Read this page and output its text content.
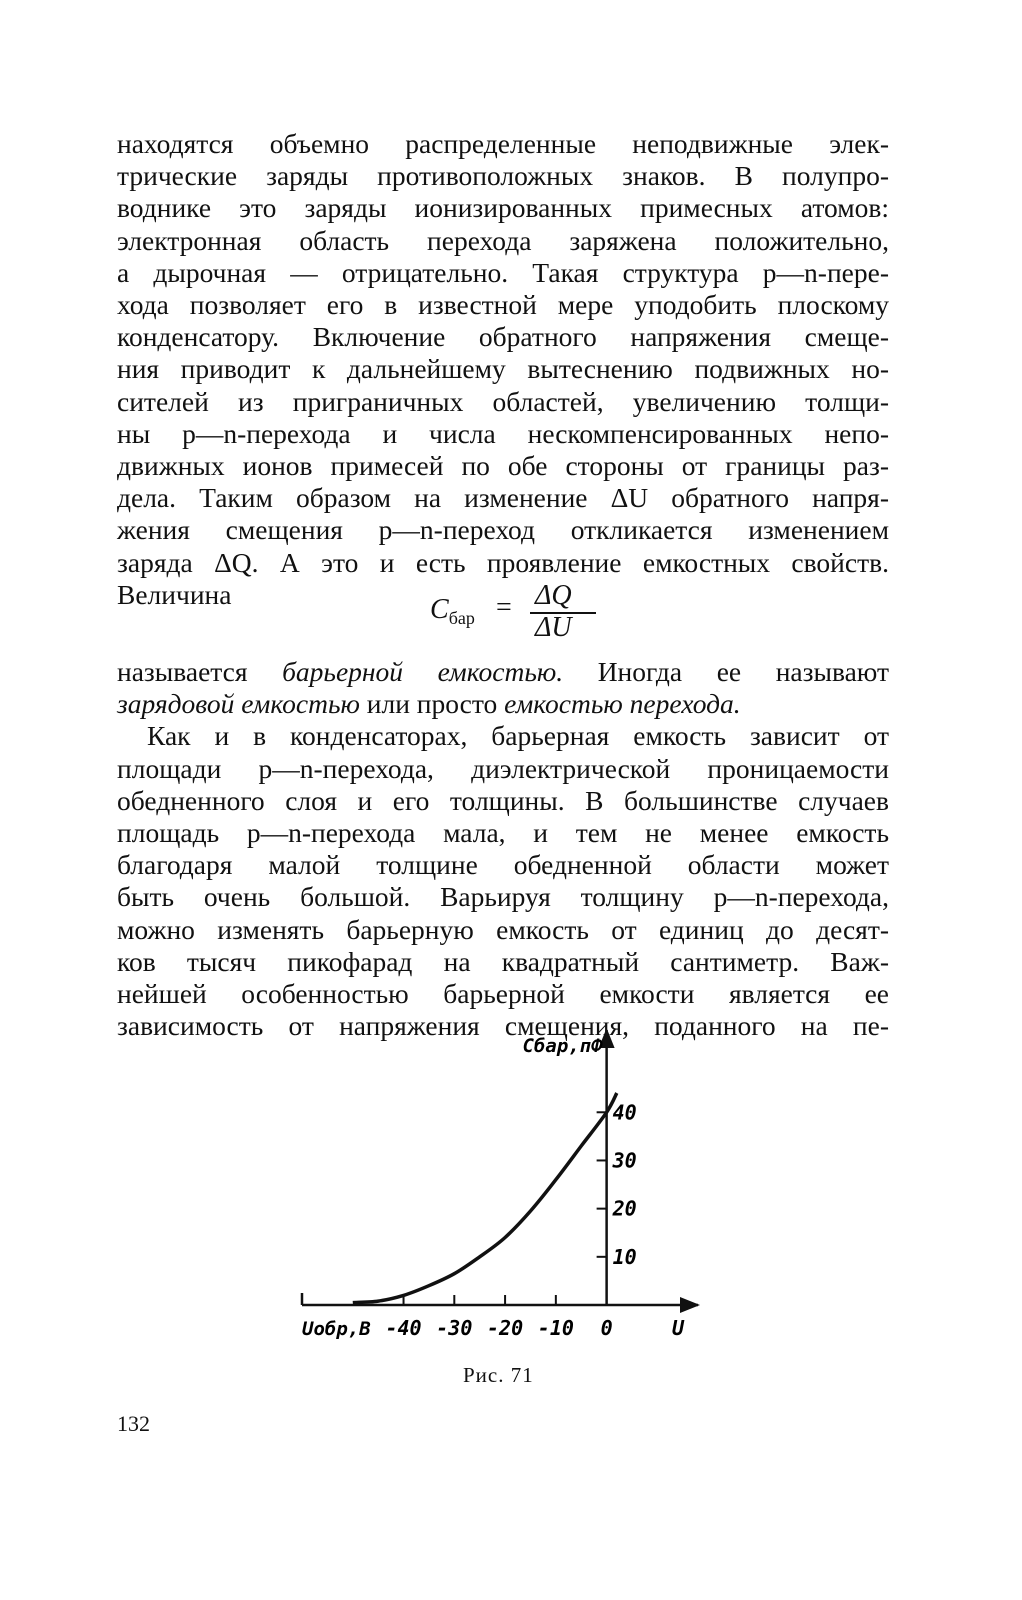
находятся объемно распределенные неподвижные элек-
трические заряды противоположных знаков. В полупро-
воднике это заряды ионизированных примесных атомов:
электронная область перехода заряжена положительно,
а дырочная — отрицательно. Такая структура p—n-пере-
хода позволяет его в известной мере уподобить плоскому
конденсатору. Включение обратного напряжения смеще-
ния приводит к дальнейшему вытеснению подвижных но-
сителей из приграничных областей, увеличению толщи-
ны p—n-перехода и числа нескомпенсированных непо-
движных ионов примесей по обе стороны от границы раз-
дела. Таким образом на изменение ΔU обратного напря-
жения смещения p—n-переход откликается изменением
заряда ΔQ. А это и есть проявление емкостных свойств.
Величина	$C_{бар} = \Delta Q$
ΔU
называется барьерной емкостью. Иногда ее называют
зарядовой емкостью или просто емкостью перехода.
Как и в конденсаторах, барьерная емкость зависит от
площади p—n-перехода, диэлектрической проницаемости
обедненного слоя и его толщины. В большинстве случаев
площадь p—n-перехода мала, и тем не менее емкость
благодаря малой толщине обедненной области может
быть очень большой. Варьируя толщину p—n-перехода,
можно изменять барьерную емкость от единиц до десят-
ков тысяч пикофарад на квадратный сантиметр. Важ-
нейшей особенностью барьерной емкости является ее
зависимость от напряжения смещения, поданного на пе-
-40 -30 -20 -10 0
10
20
30
40
Cбар,пФ
Uобр,В	U
Рис. 71
132
